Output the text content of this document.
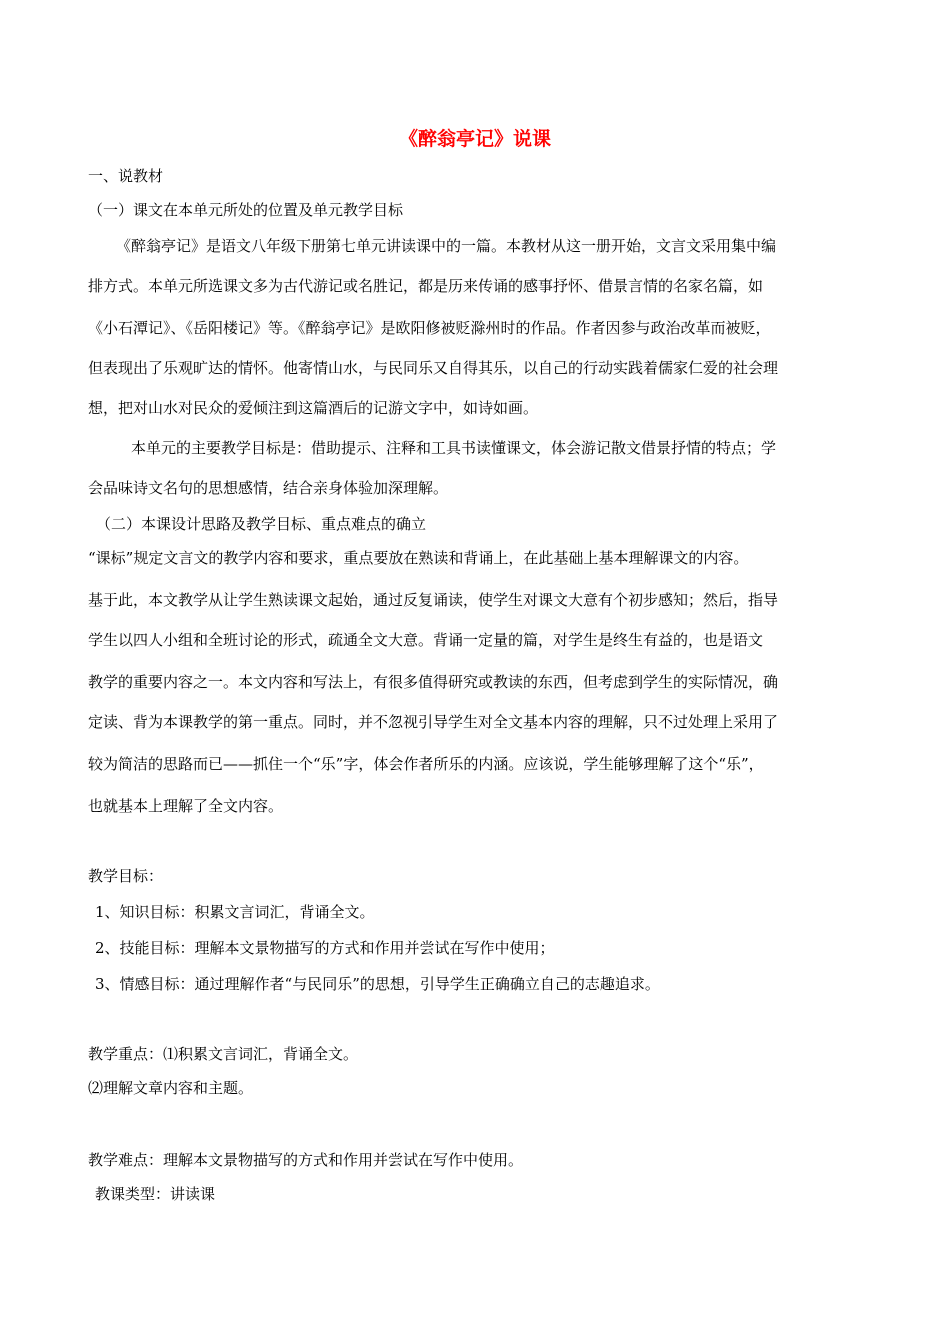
《醉翁亭记》说课
一、说教材
（一）课文在本单元所处的位置及单元教学目标
《醉翁亭记》是语文八年级下册第七单元讲读课中的一篇。本教材从这一册开始，文言文采用集中编
排方式。本单元所选课文多为古代游记或名胜记，都是历来传诵的感事抒怀、借景言情的名家名篇，如
《小石潭记》、《岳阳楼记》等。《醉翁亭记》是欧阳修被贬滁州时的作品。作者因参与政治改革而被贬，
但表现出了乐观旷达的情怀。他寄情山水，与民同乐又自得其乐，以自己的行动实践着儒家仁爱的社会理
想，把对山水对民众的爱倾注到这篇酒后的记游文字中，如诗如画。
本单元的主要教学目标是：借助提示、注释和工具书读懂课文，体会游记散文借景抒情的特点；学
会品味诗文名句的思想感情，结合亲身体验加深理解。
（二）本课设计思路及教学目标、重点难点的确立
“课标”规定文言文的教学内容和要求，重点要放在熟读和背诵上，在此基础上基本理解课文的内容。
基于此，本文教学从让学生熟读课文起始，通过反复诵读，使学生对课文大意有个初步感知；然后，指导
学生以四人小组和全班讨论的形式，疏通全文大意。背诵一定量的篇，对学生是终生有益的，也是语文
教学的重要内容之一。本文内容和写法上，有很多值得研究或教读的东西，但考虑到学生的实际情况，确
定读、背为本课教学的第一重点。同时，并不忽视引导学生对全文基本内容的理解，只不过处理上采用了
较为简洁的思路而已——抓住一个“乐”字，体会作者所乐的内涵。应该说，学生能够理解了这个“乐”，
也就基本上理解了全文内容。
教学目标：
1、知识目标：积累文言词汇，背诵全文。
2、技能目标：理解本文景物描写的方式和作用并尝试在写作中使用；
3、情感目标：通过理解作者“与民同乐”的思想，引导学生正确确立自己的志趣追求。
教学重点：⑴积累文言词汇，背诵全文。
⑵理解文章内容和主题。
教学难点：理解本文景物描写的方式和作用并尝试在写作中使用。
教课类型：讲读课
